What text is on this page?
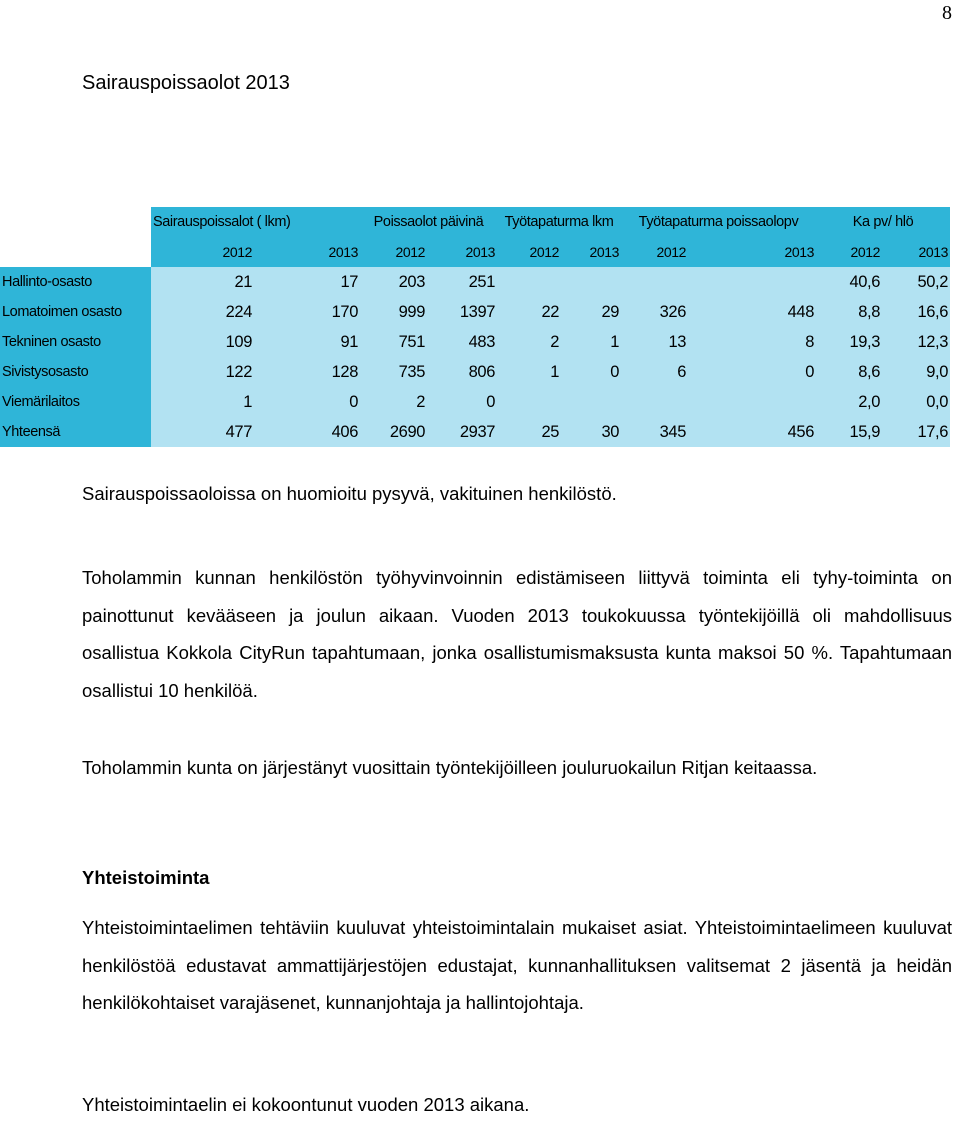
8
Sairauspoissaolot 2013
	Sairauspoissalot ( lkm)		Poissaolot päivinä		Työtapaturma lkm		Työtapaturma poissaolopv		Ka pv/ hlö	
	2012	2013	2012	2013	2012	2013	2012	2013	2012	2013
Hallinto-osasto	21	17	203	251					40,6	50,2
Lomatoimen osasto	224	170	999	1397	22	29	326	448	8,8	16,6
Tekninen osasto	109	91	751	483	2	1	13	8	19,3	12,3
Sivistysosasto	122	128	735	806	1	0	6	0	8,6	9,0
Viemärilaitos	1	0	2	0					2,0	0,0
Yhteensä	477	406	2690	2937	25	30	345	456	15,9	17,6

Sairauspoissaoloissa on huomioitu pysyvä, vakituinen henkilöstö.

Toholammin kunnan henkilöstön työhyvinvoinnin edistämiseen liittyvä toiminta eli tyhy-toiminta on painottunut kevääseen ja joulun aikaan. Vuoden 2013 toukokuussa työntekijöillä oli mahdollisuus osallistua Kokkola CityRun tapahtumaan, jonka osallistumismaksusta kunta maksoi 50 %. Tapahtumaan osallistui 10 henkilöä.

Toholammin kunta on järjestänyt vuosittain työntekijöilleen jouluruokailun Ritjan keitaassa.

Yhteistoiminta

Yhteistoimintaelimen tehtäviin kuuluvat yhteistoimintalain mukaiset asiat. Yhteistoimintaelimeen kuuluvat henkilöstöä edustavat ammattijärjestöjen edustajat, kunnanhallituksen valitsemat 2 jäsentä ja heidän henkilökohtaiset varajäsenet, kunnanjohtaja ja hallintojohtaja.

Yhteistoimintaelin ei kokoontunut vuoden 2013 aikana.
